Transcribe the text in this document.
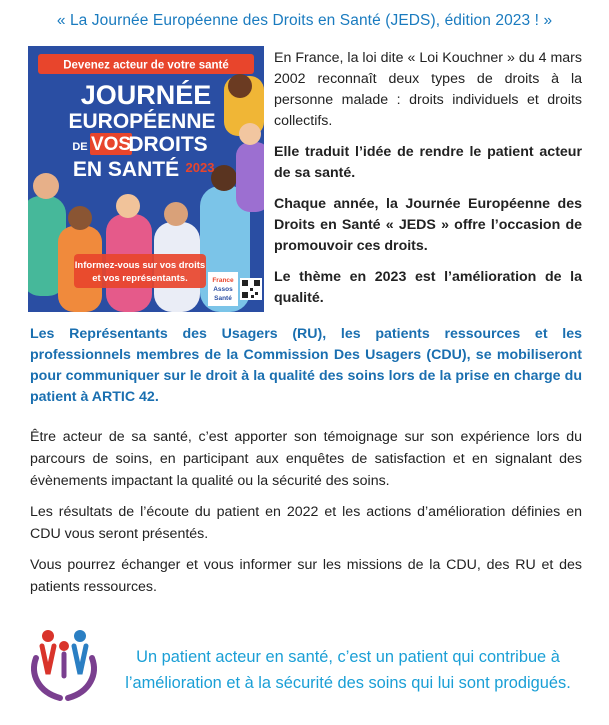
« La Journée Européenne des Droits en Santé (JEDS), édition 2023 ! »
Devenez acteur de votre santé
JOURNÉE
EUROPÉENNE
DE VOS
DROITS
EN SANTÉ 2023
Informez-vous sur vos droits
et vos représentants.	France
Assos
Santé

En France, la loi dite « Loi Kouchner » du 4 mars 2002 reconnaît deux types de droits à la personne malade : droits individuels et droits collectifs.

Elle traduit l’idée de rendre le patient acteur de sa santé.

Chaque année, la Journée Européenne des Droits en Santé « JEDS » offre l’occasion de promouvoir ces droits.

Le thème en 2023 est l’amélioration de la qualité.

Les Représentants des Usagers (RU), les patients ressources et les professionnels membres de la Commission Des Usagers (CDU), se mobiliseront pour communiquer sur le droit à la qualité des soins lors de la prise en charge du patient à ARTIC 42.

Être acteur de sa santé, c’est apporter son témoignage sur son expérience lors du parcours de soins, en participant aux enquêtes de satisfaction et en signalant des évènements impactant la qualité ou la sécurité des soins.

Les résultats de l’écoute du patient en 2022 et les actions d’amélioration définies en CDU vous seront présentés.

Vous pourrez échanger et vous informer sur les missions de la CDU, des RU et des patients ressources.

Un patient acteur en santé, c’est un patient qui contribue à
l’amélioration et à la sécurité des soins qui lui sont prodigués.
